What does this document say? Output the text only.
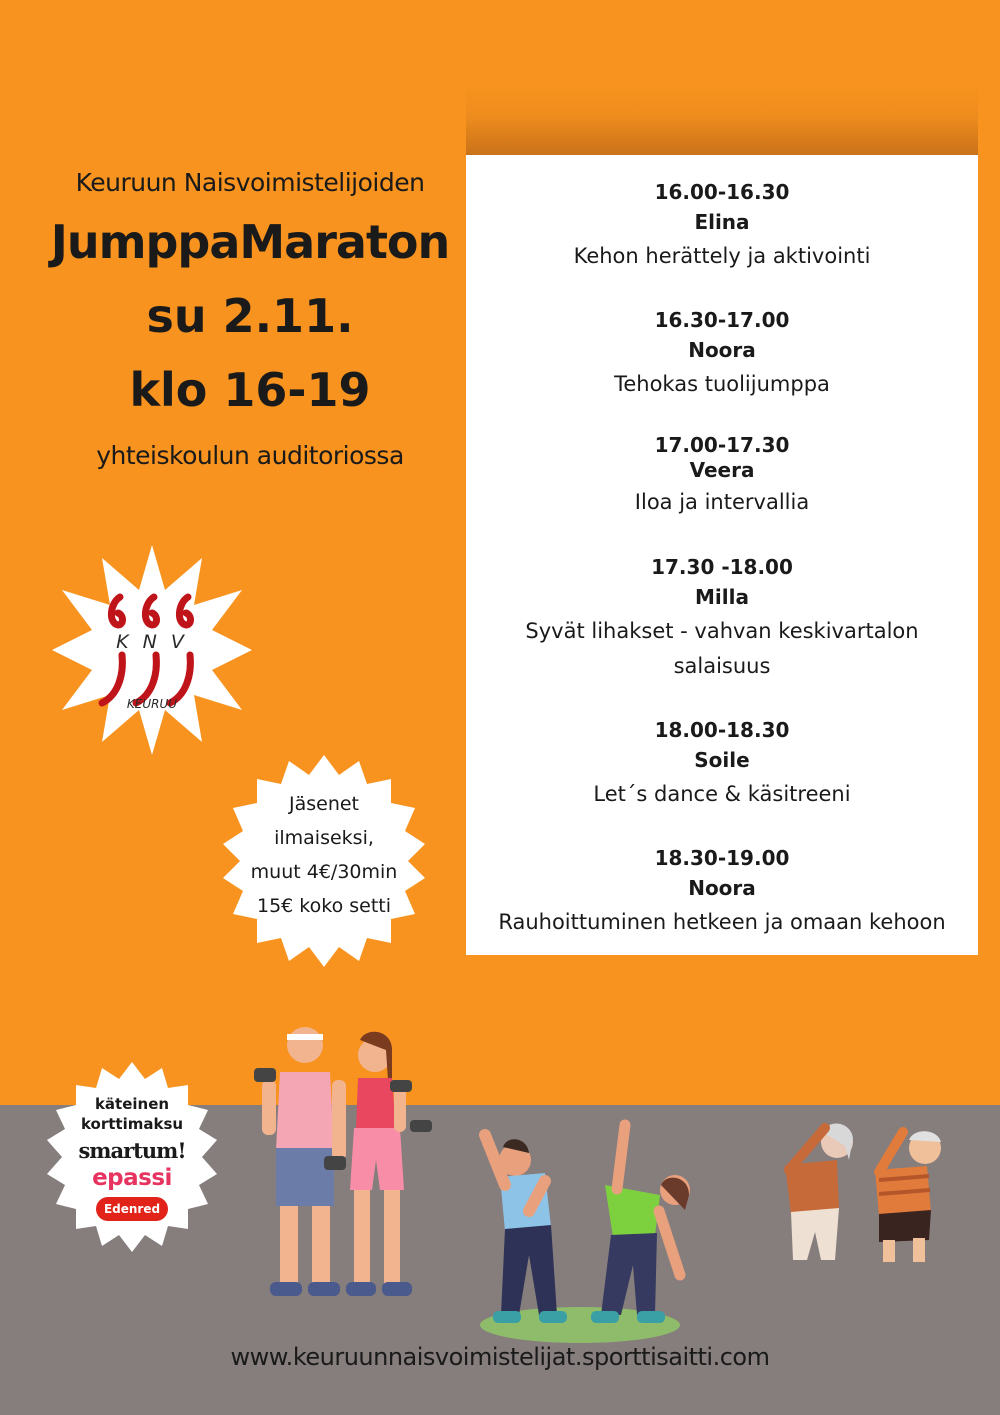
Keuruun Naisvoimistelijoiden
JumppaMaraton
su 2.11.
klo 16-19
yhteiskoulun auditoriossa
16.00-16.30
Elina
Kehon herättely ja aktivointi
16.30-17.00
Noora
Tehokas tuolijumppa
17.00-17.30
Veera
Iloa ja intervallia
17.30 -18.00
Milla
Syvät lihakset - vahvan keskivartalon
salaisuus
18.00-18.30
Soile
Let´s dance & käsitreeni
18.30-19.00
Noora
Rauhoittuminen hetkeen ja omaan kehoon
K N V
KEURUU
Jäsenet
ilmaiseksi,
muut 4€/30min
15€ koko setti
käteinen
korttimaksu
smartum!
epassi
Edenred
www.keuruunnaisvoimistelijat.sporttisaitti.com
